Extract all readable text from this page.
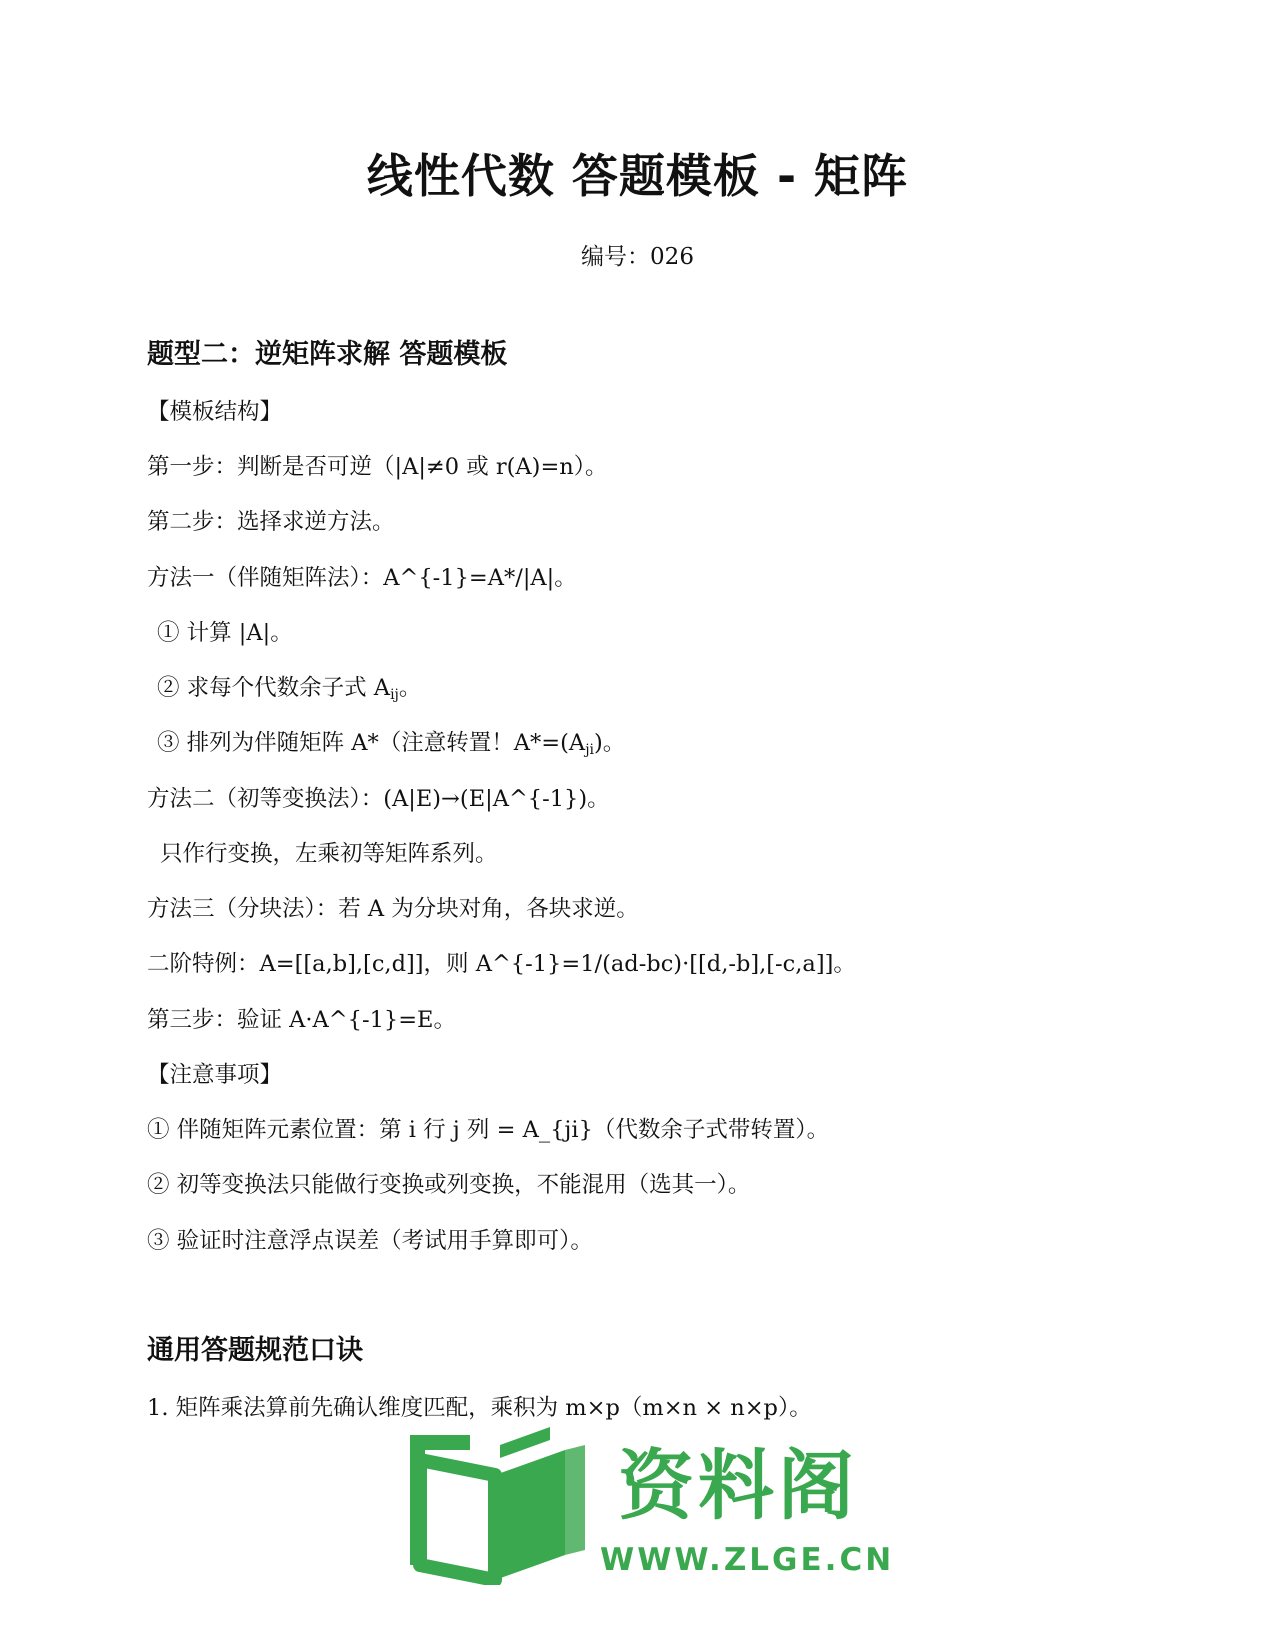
线性代数 答题模板 - 矩阵
编号：026
题型二：逆矩阵求解 答题模板
【模板结构】
第一步：判断是否可逆（|A|≠0 或 r(A)=n）。
第二步：选择求逆方法。
方法一（伴随矩阵法）：A^{-1}=A*/|A|。
① 计算 |A|。
② 求每个代数余子式 $A_{ij}$。
③ 排列为伴随矩阵 A*（注意转置！$A*=(A_{ji})$。
方法二（初等变换法）：(A|E)→(E|A^{-1})。
只作行变换，左乘初等矩阵系列。
方法三（分块法）：若 A 为分块对角，各块求逆。
二阶特例：A=[[a,b],[c,d]]，则 A^{-1}=1/(ad-bc)·[[d,-b],[-c,a]]。
第三步：验证 A·A^{-1}=E。
【注意事项】
① 伴随矩阵元素位置：第 i 行 j 列 = A_{ji}（代数余子式带转置）。
② 初等变换法只能做行变换或列变换，不能混用（选其一）。
③ 验证时注意浮点误差（考试用手算即可）。
通用答题规范口诀
1. 矩阵乘法算前先确认维度匹配，乘积为 m×p（m×n × n×p）。
资料阁
WWW.ZLGE.CN
